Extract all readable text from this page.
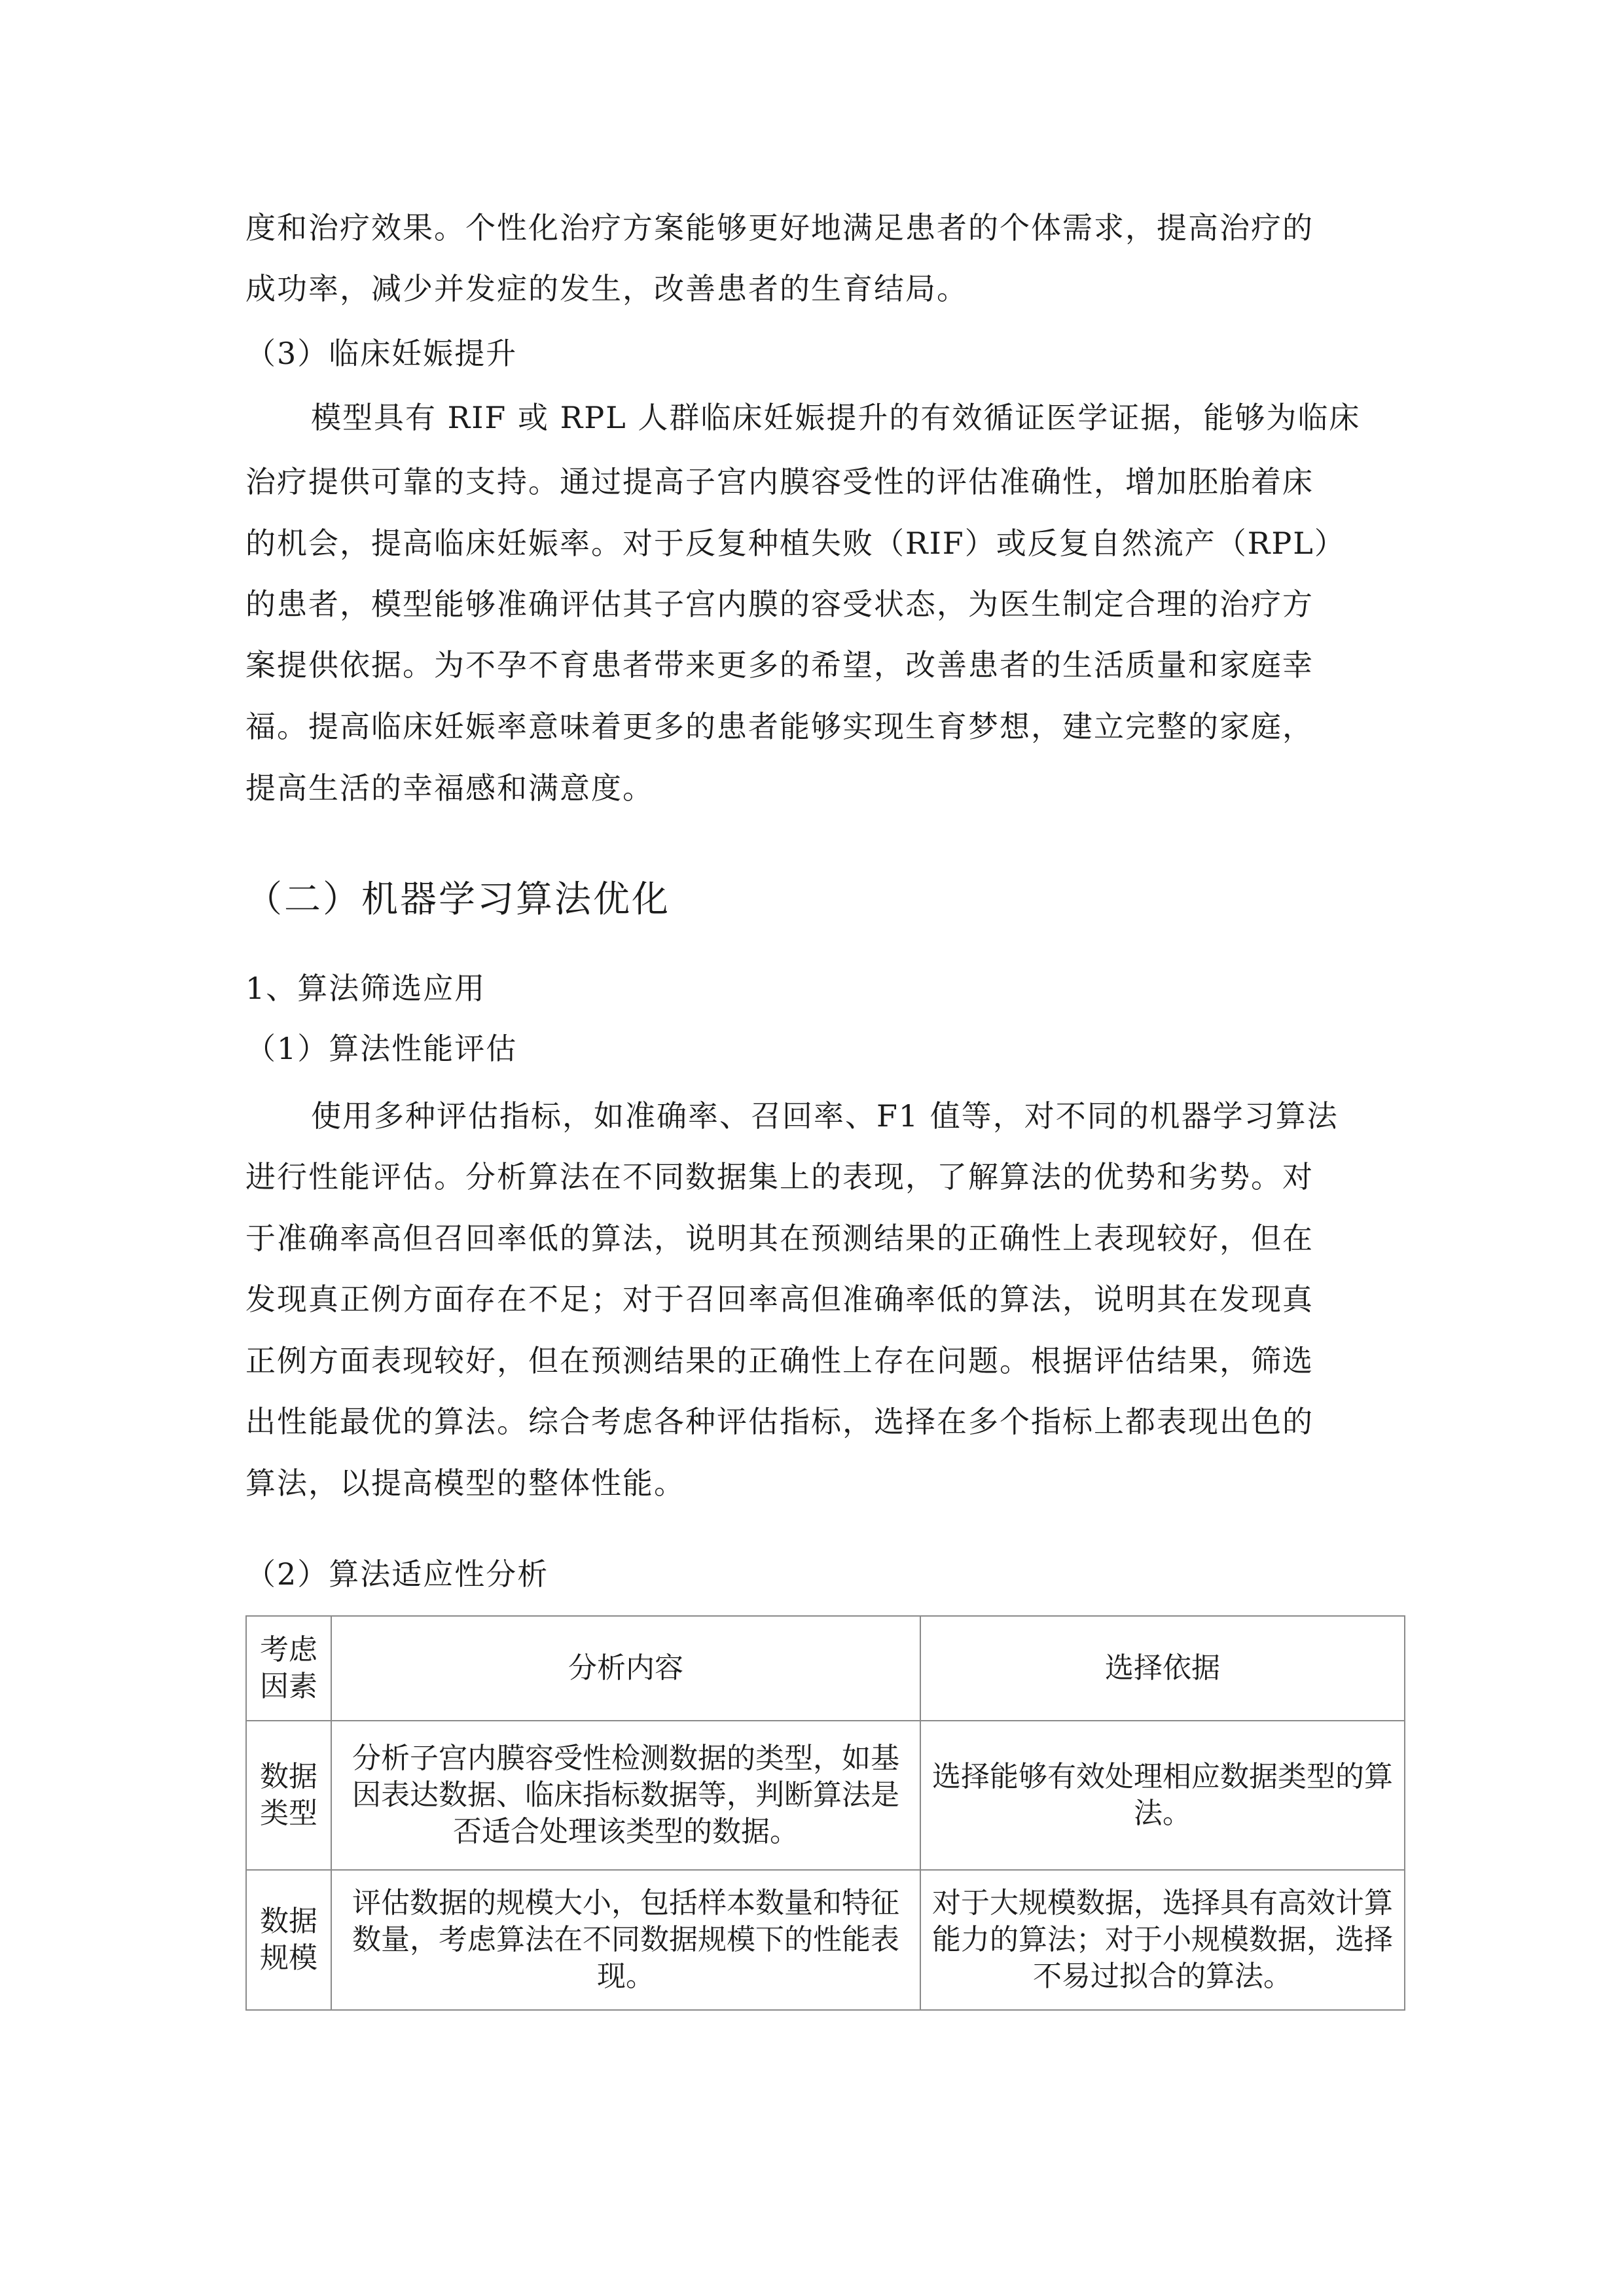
度和治疗效果。个性化治疗方案能够更好地满足患者的个体需求，提高治疗的
成功率，减少并发症的发生，改善患者的生育结局。
（3）临床妊娠提升
模型具有 RIF 或 RPL 人群临床妊娠提升的有效循证医学证据，能够为临床
治疗提供可靠的支持。通过提高子宫内膜容受性的评估准确性，增加胚胎着床
的机会，提高临床妊娠率。对于反复种植失败（RIF）或反复自然流产（RPL）
的患者，模型能够准确评估其子宫内膜的容受状态，为医生制定合理的治疗方
案提供依据。为不孕不育患者带来更多的希望，改善患者的生活质量和家庭幸
福。提高临床妊娠率意味着更多的患者能够实现生育梦想，建立完整的家庭，
提高生活的幸福感和满意度。
（二）机器学习算法优化
1、算法筛选应用
（1）算法性能评估
使用多种评估指标，如准确率、召回率、F1 值等，对不同的机器学习算法
进行性能评估。分析算法在不同数据集上的表现，了解算法的优势和劣势。对
于准确率高但召回率低的算法，说明其在预测结果的正确性上表现较好，但在
发现真正例方面存在不足；对于召回率高但准确率低的算法，说明其在发现真
正例方面表现较好，但在预测结果的正确性上存在问题。根据评估结果，筛选
出性能最优的算法。综合考虑各种评估指标，选择在多个指标上都表现出色的
算法，以提高模型的整体性能。
（2）算法适应性分析
考虑因素	分析内容	选择依据
数据类型	分析子宫内膜容受性检测数据的类型，如基因表达数据、临床指标数据等，判断算法是否适合处理该类型的数据。	选择能够有效处理相应数据类型的算法。
数据规模	评估数据的规模大小，包括样本数量和特征数量，考虑算法在不同数据规模下的性能表现。	对于大规模数据，选择具有高效计算能力的算法；对于小规模数据，选择不易过拟合的算法。
